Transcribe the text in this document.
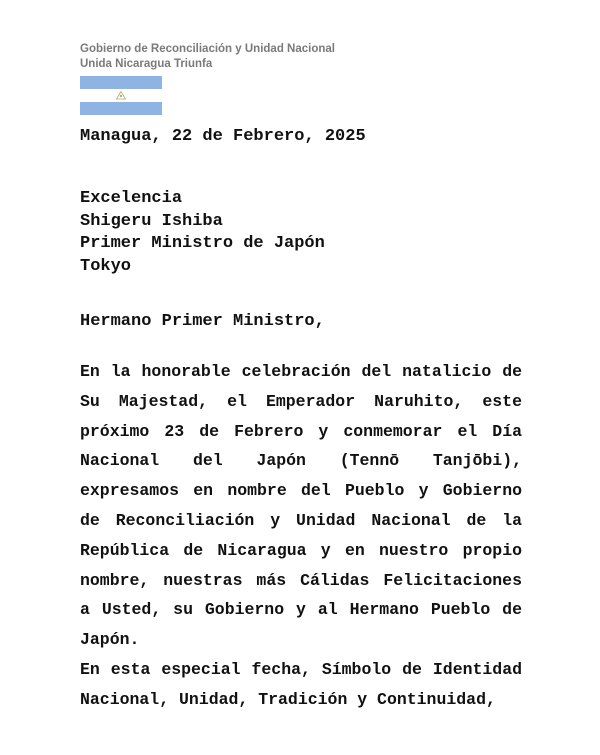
Gobierno de Reconciliación y Unidad Nacional
Unida Nicaragua Triunfa
Managua, 22 de Febrero, 2025
Excelencia
Shigeru Ishiba
Primer Ministro de Japón
Tokyo
Hermano Primer Ministro,

En la honorable celebración del natalicio de Su Majestad, el Emperador Naruhito, este próximo 23 de Febrero y conmemorar el Día Nacional del Japón (Tennō Tanjōbi), expresamos en nombre del Pueblo y Gobierno de Reconciliación y Unidad Nacional de la República de Nicaragua y en nuestro propio nombre, nuestras más Cálidas Felicitaciones a Usted, su Gobierno y al Hermano Pueblo de Japón.

En esta especial fecha, Símbolo de Identidad Nacional, Unidad, Tradición y Continuidad,
